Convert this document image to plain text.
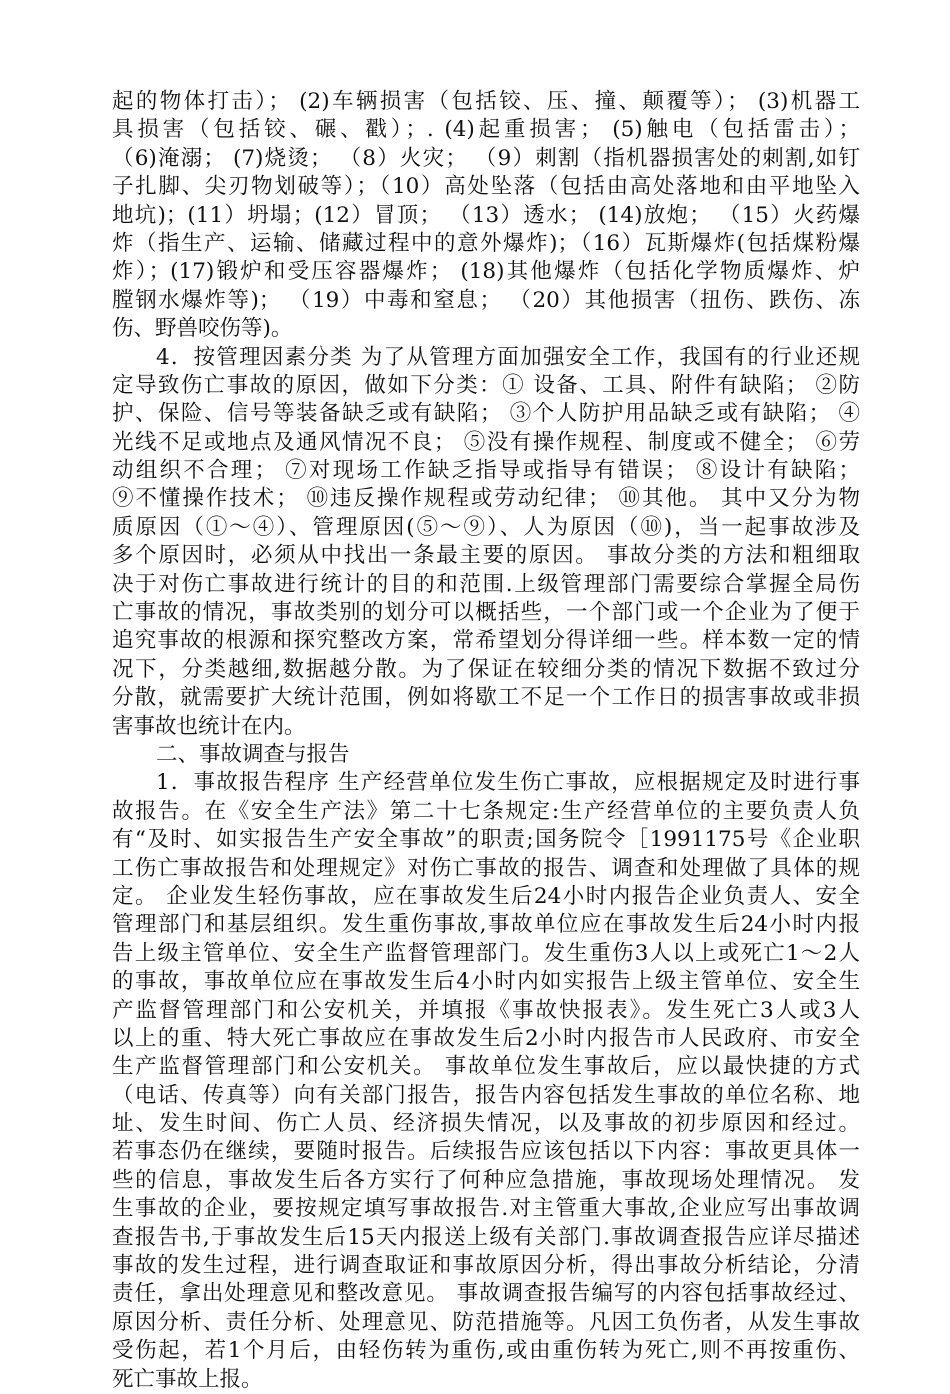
起的物体打击）； (2)车辆损害（包括铰、压、撞、颠覆等）； (3)机器工
具损害（包括铰、碾、戳）；. (4)起重损害； (5)触电（包括雷击）；
（6)淹溺； (7)烧烫； （8）火灾； （9）刺割（指机器损害处的刺割,如钉
子扎脚、尖刃物划破等）；（10）高处坠落（包括由高处落地和由平地坠入
地坑)；(11）坍塌；(12）冒顶； （13）透水； (14)放炮； （15）火药爆
炸（指生产、运输、储藏过程中的意外爆炸)；（16）瓦斯爆炸(包括煤粉爆
炸）；(17)锻炉和受压容器爆炸； (18)其他爆炸（包括化学物质爆炸、炉
膛钢水爆炸等)； （19）中毒和窒息； （20）其他损害（扭伤、跌伤、冻
伤、野兽咬伤等)。
4．按管理因素分类 为了从管理方面加强安全工作，我国有的行业还规
定导致伤亡事故的原因，做如下分类：① 设备、工具、附件有缺陷； ②防
护、保险、信号等装备缺乏或有缺陷； ③个人防护用品缺乏或有缺陷； ④
光线不足或地点及通风情况不良； ⑤没有操作规程、制度或不健全； ⑥劳
动组织不合理； ⑦对现场工作缺乏指导或指导有错误； ⑧设计有缺陷；
⑨不懂操作技术； ⑩违反操作规程或劳动纪律； ⑩其他。 其中又分为物
质原因（①～④）、管理原因(⑤～⑨）、人为原因（⑩)，当一起事故涉及
多个原因时，必须从中找出一条最主要的原因。 事故分类的方法和粗细取
决于对伤亡事故进行统计的目的和范围.上级管理部门需要综合掌握全局伤
亡事故的情况，事故类别的划分可以概括些，一个部门或一个企业为了便于
追究事故的根源和探究整改方案，常希望划分得详细一些。样本数一定的情
况下，分类越细,数据越分散。为了保证在较细分类的情况下数据不致过分
分散，就需要扩大统计范围，例如将歇工不足一个工作日的损害事故或非损
害事故也统计在内。
二、事故调查与报告
1．事故报告程序 生产经营单位发生伤亡事故，应根据规定及时进行事
故报告。在《安全生产法》第二十七条规定:生产经营单位的主要负责人负
有“及时、如实报告生产安全事故”的职责;国务院令［1991175号《企业职
工伤亡事故报告和处理规定》对伤亡事故的报告、调查和处理做了具体的规
定。 企业发生轻伤事故，应在事故发生后24小时内报告企业负责人、安全
管理部门和基层组织。发生重伤事故,事故单位应在事故发生后24小时内报
告上级主管单位、安全生产监督管理部门。发生重伤3人以上或死亡1～2人
的事故，事故单位应在事故发生后4小时内如实报告上级主管单位、安全生
产监督管理部门和公安机关，并填报《事故快报表》。发生死亡3人或3人
以上的重、特大死亡事故应在事故发生后2小时内报告市人民政府、市安全
生产监督管理部门和公安机关。 事故单位发生事故后，应以最快捷的方式
（电话、传真等）向有关部门报告，报告内容包括发生事故的单位名称、地
址、发生时间、伤亡人员、经济损失情况，以及事故的初步原因和经过。
若事态仍在继续，要随时报告。后续报告应该包括以下内容：事故更具体一
些的信息，事故发生后各方实行了何种应急措施，事故现场处理情况。 发
生事故的企业，要按规定填写事故报告.对主管重大事故,企业应写出事故调
查报告书,于事故发生后15天内报送上级有关部门.事故调查报告应详尽描述
事故的发生过程，进行调查取证和事故原因分析，得出事故分析结论，分清
责任，拿出处理意见和整改意见。 事故调查报告编写的内容包括事故经过、
原因分析、责任分析、处理意见、防范措施等。凡因工负伤者，从发生事故
受伤起，若1个月后，由轻伤转为重伤,或由重伤转为死亡,则不再按重伤、
死亡事故上报。
